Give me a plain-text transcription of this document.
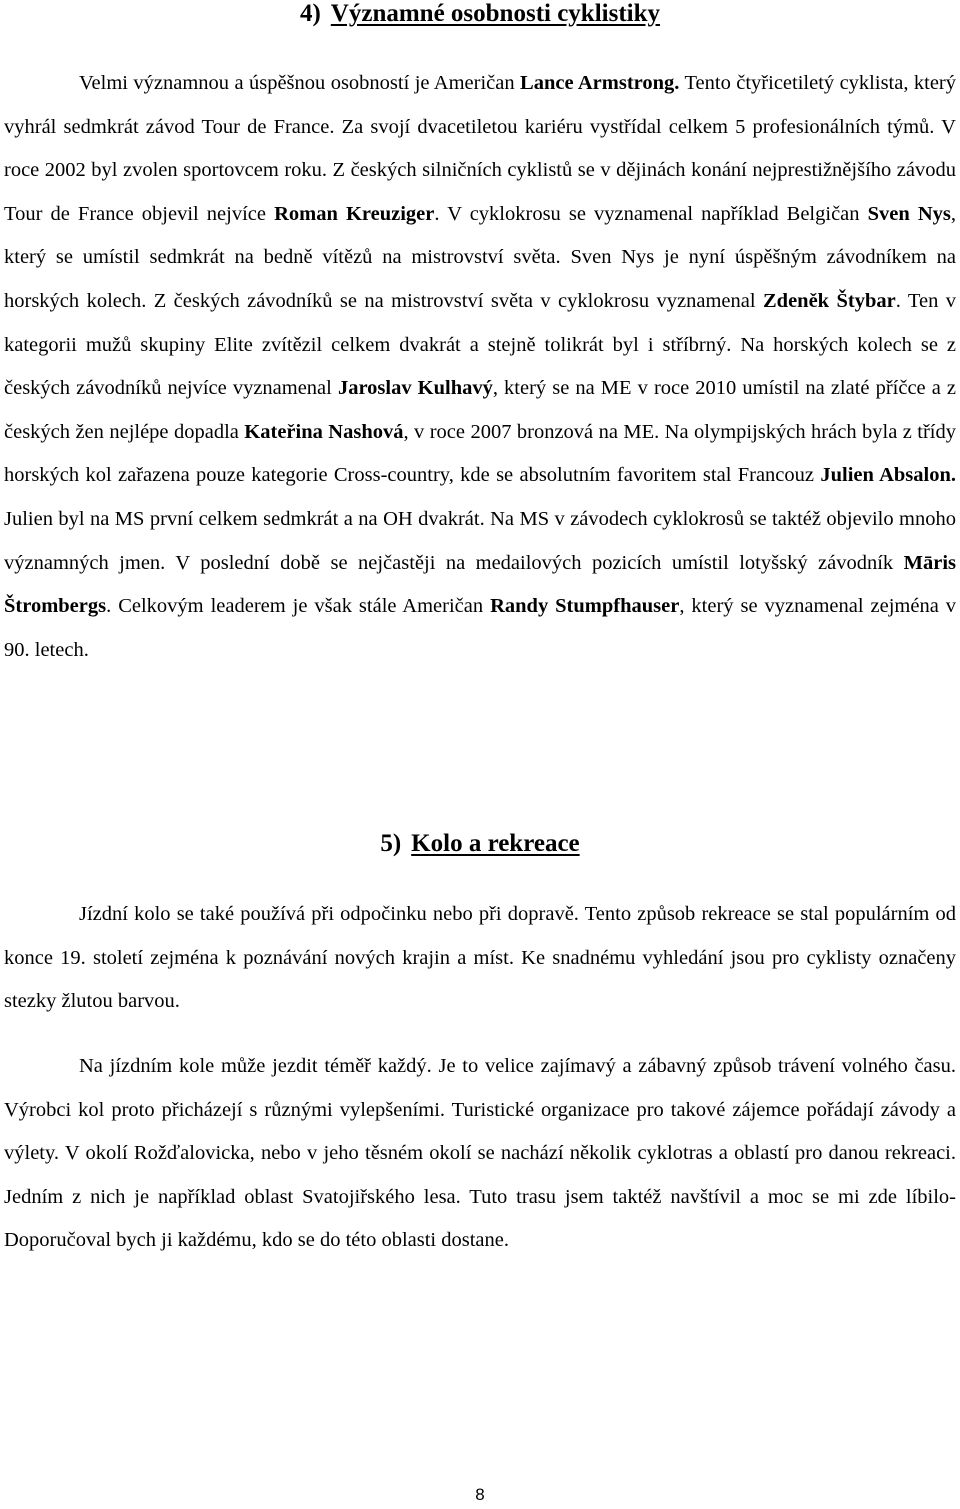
4) Významné osobnosti cyklistiky

Velmi významnou a úspěšnou osobností je Američan Lance Armstrong. Tento čtyřicetiletý cyklista, který vyhrál sedmkrát závod Tour de France. Za svojí dvacetiletou kariéru vystřídal celkem 5 profesionálních týmů. V roce 2002 byl zvolen sportovcem roku. Z českých silničních cyklistů se v dějinách konání nejprestižnějšího závodu Tour de France objevil nejvíce Roman Kreuziger. V cyklokrosu se vyznamenal například Belgičan Sven Nys, který se umístil sedmkrát na bedně vítězů na mistrovství světa. Sven Nys je nyní úspěšným závodníkem na horských kolech. Z českých závodníků se na mistrovství světa v cyklokrosu vyznamenal Zdeněk Štybar. Ten v kategorii mužů skupiny Elite zvítězil celkem dvakrát a stejně tolikrát byl i stříbrný. Na horských kolech se z českých závodníků nejvíce vyznamenal Jaroslav Kulhavý, který se na ME v roce 2010 umístil na zlaté příčce a z českých žen nejlépe dopadla Kateřina Nashová, v roce 2007 bronzová na ME. Na olympijských hrách byla z třídy horských kol zařazena pouze kategorie Cross-country, kde se absolutním favoritem stal Francouz Julien Absalon. Julien byl na MS první celkem sedmkrát a na OH dvakrát. Na MS v závodech cyklokrosů se taktéž objevilo mnoho významných jmen. V poslední době se nejčastěji na medailových pozicích umístil lotyšský závodník Māris Štrombergs. Celkovým leaderem je však stále Američan Randy Stumpfhauser, který se vyznamenal zejména v 90. letech.

5) Kolo a rekreace

Jízdní kolo se také používá při odpočinku nebo při dopravě. Tento způsob rekreace se stal populárním od konce 19. století zejména k poznávání nových krajin a míst. Ke snadnému vyhledání jsou pro cyklisty označeny stezky žlutou barvou.

Na jízdním kole může jezdit téměř každý. Je to velice zajímavý a zábavný způsob trávení volného času. Výrobci kol proto přicházejí s různými vylepšeními. Turistické organizace pro takové zájemce pořádají závody a výlety. V okolí Rožďalovicka, nebo v jeho těsném okolí se nachází několik cyklotras a oblastí pro danou rekreaci. Jedním z nich je například oblast Svatojiřského lesa. Tuto trasu jsem taktéž navštívil a moc se mi zde líbilo- Doporučoval bych ji každému, kdo se do této oblasti dostane.

8
